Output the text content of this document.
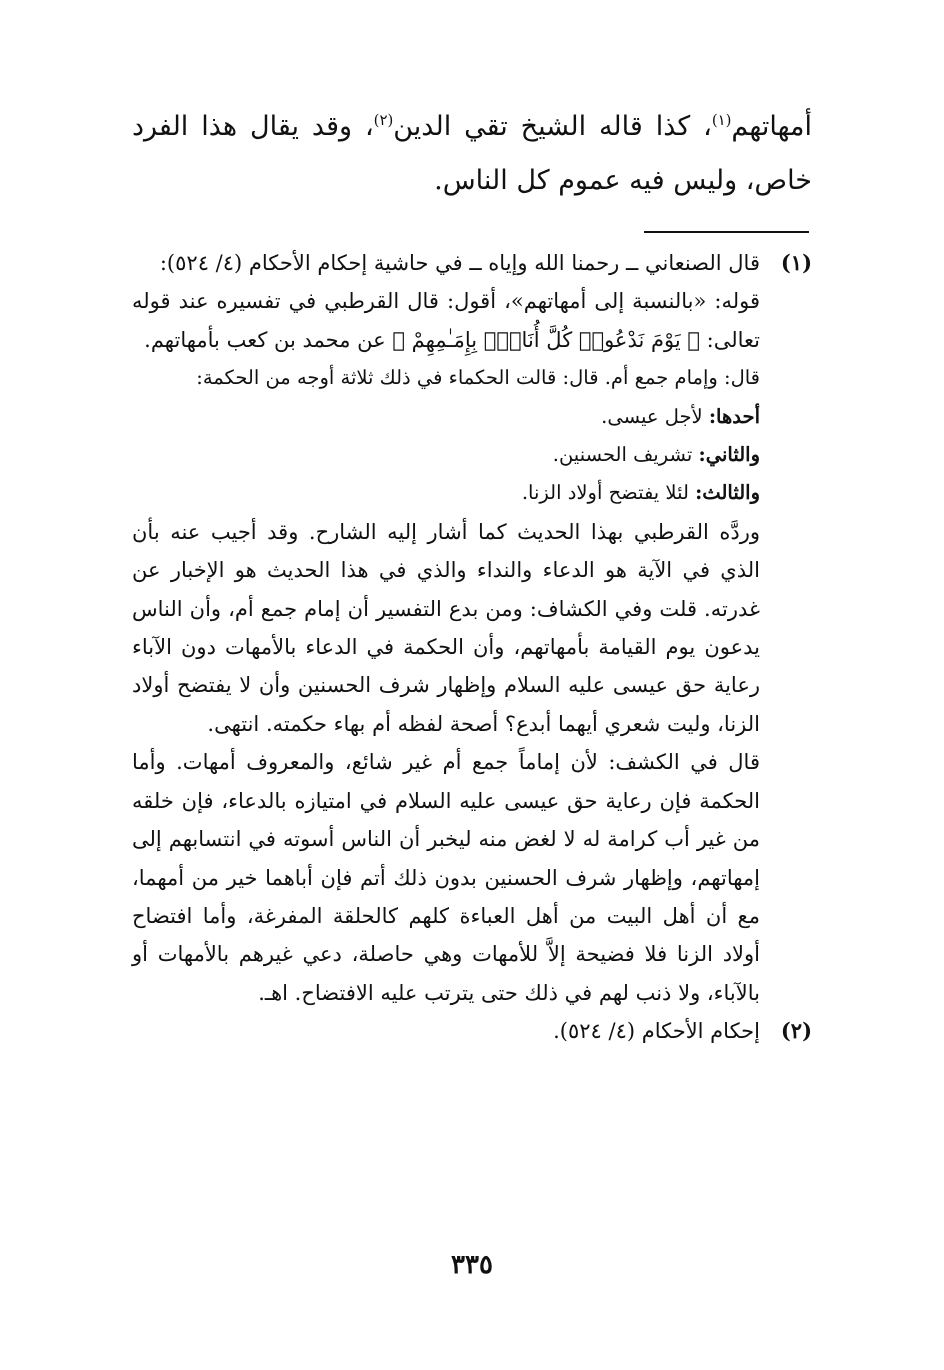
أمهاتهم$^{(١)}$، كذا قاله الشيخ تقي الدين$^{(٢)}$، وقد يقال هذا الفرد خاص، وليس فيه عموم كل الناس.

(١)

قال الصنعاني ــ رحمنا الله وإياه ــ في حاشية إحكام الأحكام (٤/ ٥٢٤):

قوله: «بالنسبة إلى أمهاتهم»، أقول: قال القرطبي في تفسيره عند قوله تعالى: ﴿ يَوْمَ نَدْعُوا۟ كُلَّ أُنَاسٍۭ بِإِمَـٰمِهِمْ ﴾ عن محمد بن كعب بأمهاتهم.

قال: وإمام جمع أم. قال: قالت الحكماء في ذلك ثلاثة أوجه من الحكمة:

أحدها: لأجل عيسى.

والثاني: تشريف الحسنين.

والثالث: لئلا يفتضح أولاد الزنا.

وردَّه القرطبي بهذا الحديث كما أشار إليه الشارح. وقد أجيب عنه بأن الذي في الآية هو الدعاء والنداء والذي في هذا الحديث هو الإخبار عن غدرته. قلت وفي الكشاف: ومن بدع التفسير أن إمام جمع أم، وأن الناس يدعون يوم القيامة بأمهاتهم، وأن الحكمة في الدعاء بالأمهات دون الآباء رعاية حق عيسى عليه السلام وإظهار شرف الحسنين وأن لا يفتضح أولاد الزنا، وليت شعري أيهما أبدع؟ أصحة لفظه أم بهاء حكمته. انتهى.

قال في الكشف: لأن إماماً جمع أم غير شائع، والمعروف أمهات. وأما الحكمة فإن رعاية حق عيسى عليه السلام في امتيازه بالدعاء، فإن خلقه من غير أب كرامة له لا لغض منه ليخبر أن الناس أسوته في انتسابهم إلى إمهاتهم، وإظهار شرف الحسنين بدون ذلك أتم فإن أباهما خير من أمهما، مع أن أهل البيت من أهل العباءة كلهم كالحلقة المفرغة، وأما افتضاح أولاد الزنا فلا فضيحة إلاَّ للأمهات وهي حاصلة، دعي غيرهم بالأمهات أو بالآباء، ولا ذنب لهم في ذلك حتى يترتب عليه الافتضاح. اهـ.

(٢)

إحكام الأحكام (٤/ ٥٢٤).

٣٣٥
